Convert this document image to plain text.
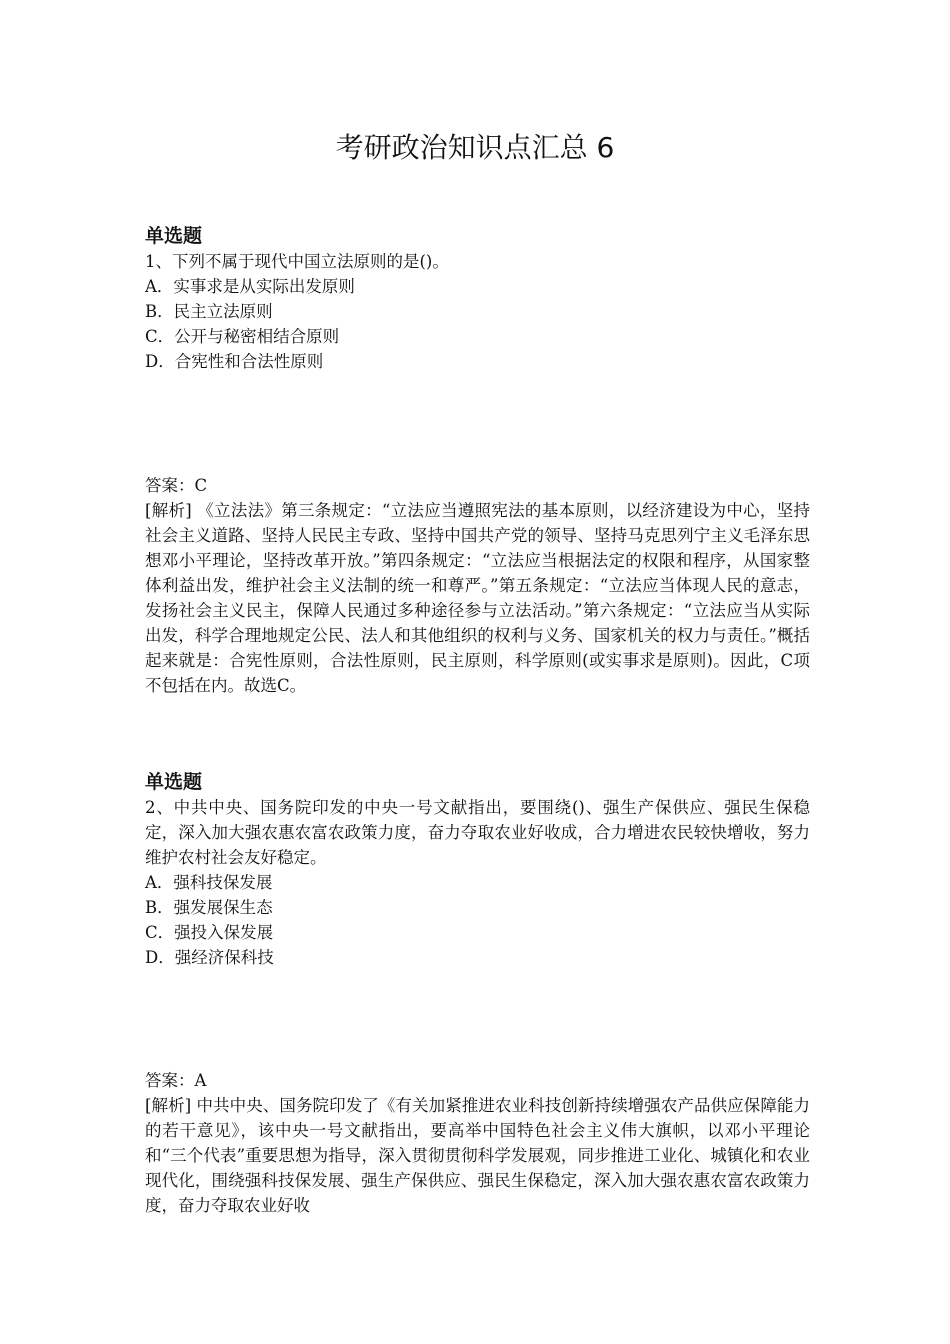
考研政治知识点汇总 6

单选题

1、下列不属于现代中国立法原则的是()。

A．实事求是从实际出发原则

B．民主立法原则

C．公开与秘密相结合原则

D．合宪性和合法性原则

答案：C

[解析] 《立法法》第三条规定：“立法应当遵照宪法的基本原则，以经济建设为中心，坚持社会主义道路、坚持人民民主专政、坚持中国共产党的领导、坚持马克思列宁主义毛泽东思想邓小平理论，坚持改革开放。”第四条规定：“立法应当根据法定的权限和程序，从国家整体利益出发，维护社会主义法制的统一和尊严。”第五条规定：“立法应当体现人民的意志，发扬社会主义民主，保障人民通过多种途径参与立法活动。”第六条规定：“立法应当从实际出发，科学合理地规定公民、法人和其他组织的权利与义务、国家机关的权力与责任。”概括起来就是：合宪性原则，合法性原则，民主原则，科学原则(或实事求是原则)。因此，C项不包括在内。故选C。

单选题

2、中共中央、国务院印发的中央一号文献指出，要围绕()、强生产保供应、强民生保稳定，深入加大强农惠农富农政策力度，奋力夺取农业好收成，合力增进农民较快增收，努力维护农村社会友好稳定。

A．强科技保发展

B．强发展保生态

C．强投入保发展

D．强经济保科技

答案：A

[解析] 中共中央、国务院印发了《有关加紧推进农业科技创新持续增强农产品供应保障能力的若干意见》，该中央一号文献指出，要高举中国特色社会主义伟大旗帜，以邓小平理论和“三个代表”重要思想为指导，深入贯彻贯彻科学发展观，同步推进工业化、城镇化和农业现代化，围绕强科技保发展、强生产保供应、强民生保稳定，深入加大强农惠农富农政策力度，奋力夺取农业好收
